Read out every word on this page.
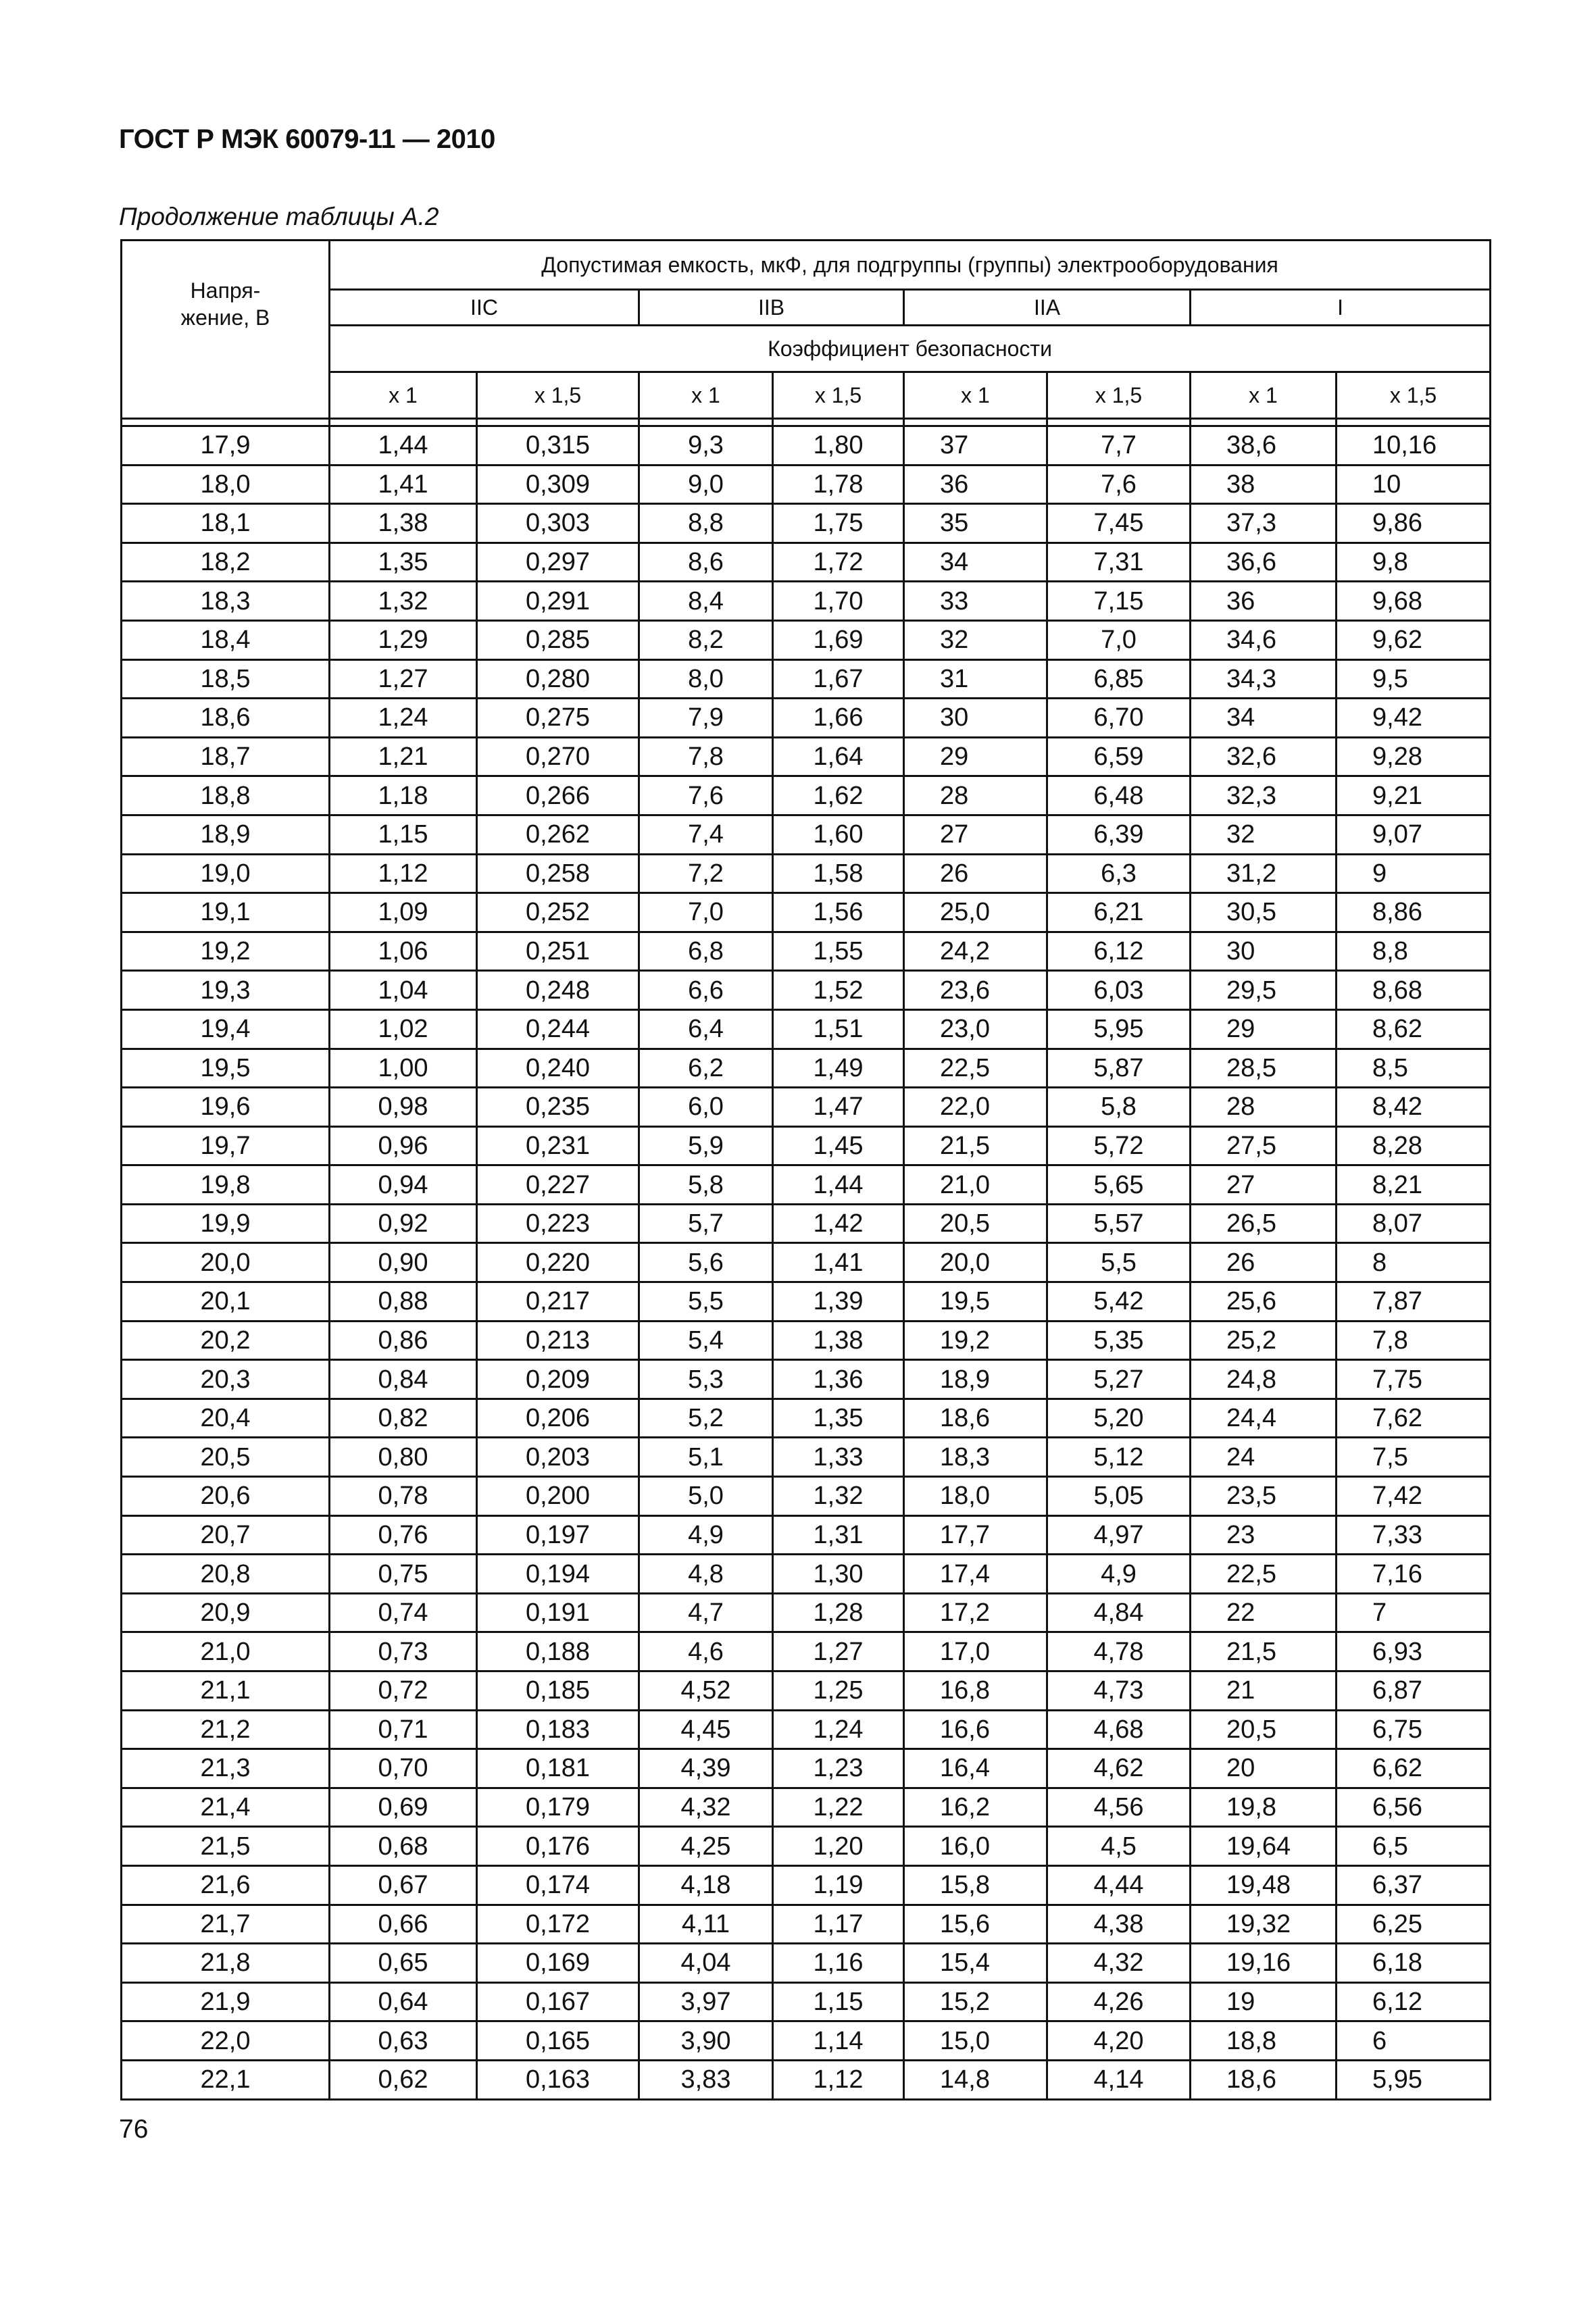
ГОСТ Р МЭК 60079-11 — 2010
Продолжение таблицы А.2
Напря-
жение, В	Допустимая емкость, мкФ, для подгруппы (группы) электрооборудования							
	IIC		IIB		IIA		I	
	Коэффициент безопасности							
	x 1	x 1,5	x 1	x 1,5	x 1	x 1,5	x 1	x 1,5

17,9	1,44	0,315	9,3	1,80	37	7,7	38,6	10,16
18,0	1,41	0,309	9,0	1,78	36	7,6	38	10
18,1	1,38	0,303	8,8	1,75	35	7,45	37,3	9,86
18,2	1,35	0,297	8,6	1,72	34	7,31	36,6	9,8
18,3	1,32	0,291	8,4	1,70	33	7,15	36	9,68
18,4	1,29	0,285	8,2	1,69	32	7,0	34,6	9,62
18,5	1,27	0,280	8,0	1,67	31	6,85	34,3	9,5
18,6	1,24	0,275	7,9	1,66	30	6,70	34	9,42
18,7	1,21	0,270	7,8	1,64	29	6,59	32,6	9,28
18,8	1,18	0,266	7,6	1,62	28	6,48	32,3	9,21
18,9	1,15	0,262	7,4	1,60	27	6,39	32	9,07
19,0	1,12	0,258	7,2	1,58	26	6,3	31,2	9
19,1	1,09	0,252	7,0	1,56	25,0	6,21	30,5	8,86
19,2	1,06	0,251	6,8	1,55	24,2	6,12	30	8,8
19,3	1,04	0,248	6,6	1,52	23,6	6,03	29,5	8,68
19,4	1,02	0,244	6,4	1,51	23,0	5,95	29	8,62
19,5	1,00	0,240	6,2	1,49	22,5	5,87	28,5	8,5
19,6	0,98	0,235	6,0	1,47	22,0	5,8	28	8,42
19,7	0,96	0,231	5,9	1,45	21,5	5,72	27,5	8,28
19,8	0,94	0,227	5,8	1,44	21,0	5,65	27	8,21
19,9	0,92	0,223	5,7	1,42	20,5	5,57	26,5	8,07
20,0	0,90	0,220	5,6	1,41	20,0	5,5	26	8
20,1	0,88	0,217	5,5	1,39	19,5	5,42	25,6	7,87
20,2	0,86	0,213	5,4	1,38	19,2	5,35	25,2	7,8
20,3	0,84	0,209	5,3	1,36	18,9	5,27	24,8	7,75
20,4	0,82	0,206	5,2	1,35	18,6	5,20	24,4	7,62
20,5	0,80	0,203	5,1	1,33	18,3	5,12	24	7,5
20,6	0,78	0,200	5,0	1,32	18,0	5,05	23,5	7,42
20,7	0,76	0,197	4,9	1,31	17,7	4,97	23	7,33
20,8	0,75	0,194	4,8	1,30	17,4	4,9	22,5	7,16
20,9	0,74	0,191	4,7	1,28	17,2	4,84	22	7
21,0	0,73	0,188	4,6	1,27	17,0	4,78	21,5	6,93
21,1	0,72	0,185	4,52	1,25	16,8	4,73	21	6,87
21,2	0,71	0,183	4,45	1,24	16,6	4,68	20,5	6,75
21,3	0,70	0,181	4,39	1,23	16,4	4,62	20	6,62
21,4	0,69	0,179	4,32	1,22	16,2	4,56	19,8	6,56
21,5	0,68	0,176	4,25	1,20	16,0	4,5	19,64	6,5
21,6	0,67	0,174	4,18	1,19	15,8	4,44	19,48	6,37
21,7	0,66	0,172	4,11	1,17	15,6	4,38	19,32	6,25
21,8	0,65	0,169	4,04	1,16	15,4	4,32	19,16	6,18
21,9	0,64	0,167	3,97	1,15	15,2	4,26	19	6,12
22,0	0,63	0,165	3,90	1,14	15,0	4,20	18,8	6
22,1	0,62	0,163	3,83	1,12	14,8	4,14	18,6	5,95
76
